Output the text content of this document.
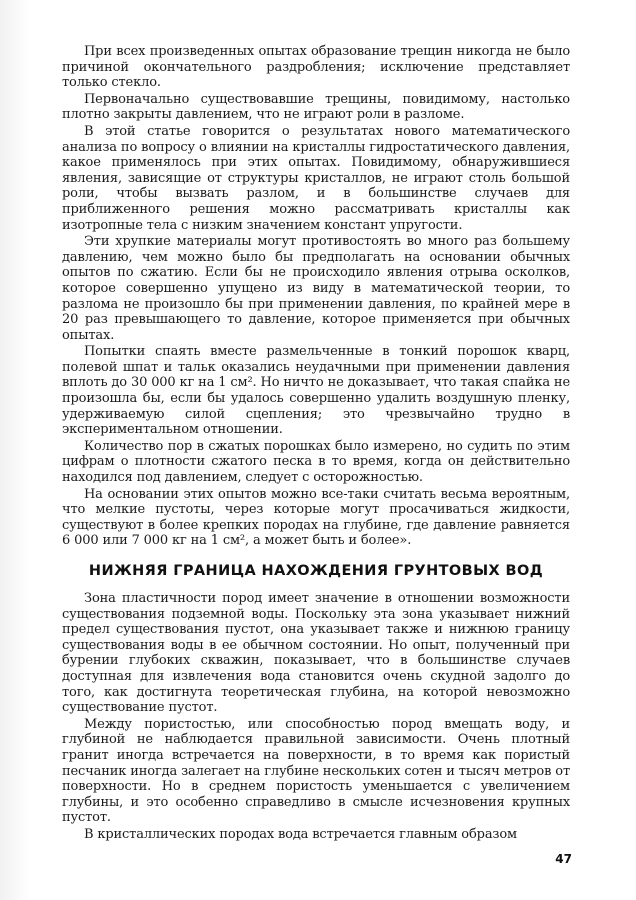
При всех произведенных опытах образование трещин никогда не было причиной окончательного раздробления; исключение представляет только стекло.

Первоначально существовавшие трещины, повидимому, настолько плотно закрыты давлением, что не играют роли в разломе.

В этой статье говорится о результатах нового математического анализа по вопросу о влиянии на кристаллы гидростатического давления, какое применялось при этих опытах. Повидимому, обнаружившиеся явления, зависящие от структуры кристаллов, не играют столь большой роли, чтобы вызвать разлом, и в большинстве случаев для приближенного решения можно рассматривать кристаллы как изотропные тела с низким значением констант упругости.

Эти хрупкие материалы могут противостоять во много раз большему давлению, чем можно было бы предполагать на основании обычных опытов по сжатию. Если бы не происходило явления отрыва осколков, которое совершенно упущено из виду в математической теории, то разлома не произошло бы при применении давления, по крайней мере в 20 раз превышающего то давление, которое применяется при обычных опытах.

Попытки спаять вместе размельченные в тонкий порошок кварц, полевой шпат и тальк оказались неудачными при применении давления вплоть до 30 000 кг на 1 см². Но ничто не доказывает, что такая спайка не произошла бы, если бы удалось совершенно удалить воздушную пленку, удерживаемую силой сцепления; это чрезвычайно трудно в экспериментальном отношении.

Количество пор в сжатых порошках было измерено, но судить по этим цифрам о плотности сжатого песка в то время, когда он действительно находился под давлением, следует с осторожностью.

На основании этих опытов можно все-таки считать весьма вероятным, что мелкие пустоты, через которые могут просачиваться жидкости, существуют в более крепких породах на глубине, где давление равняется 6 000 или 7 000 кг на 1 см², а может быть и более».

НИЖНЯЯ ГРАНИЦА НАХОЖДЕНИЯ ГРУНТОВЫХ ВОД

Зона пластичности пород имеет значение в отношении возможности существования подземной воды. Поскольку эта зона указывает нижний предел существования пустот, она указывает также и нижнюю границу существования воды в ее обычном состоянии. Но опыт, полученный при бурении глубоких скважин, показывает, что в большинстве случаев доступная для извлечения вода становится очень скудной задолго до того, как достигнута теоретическая глубина, на которой невозможно существование пустот.

Между пористостью, или способностью пород вмещать воду, и глубиной не наблюдается правильной зависимости. Очень плотный гранит иногда встречается на поверхности, в то время как пористый песчаник иногда залегает на глубине нескольких сотен и тысяч метров от поверхности. Но в среднем пористость уменьшается с увеличением глубины, и это особенно справедливо в смысле исчезновения крупных пустот.

В кристаллических породах вода встречается главным образом

47
